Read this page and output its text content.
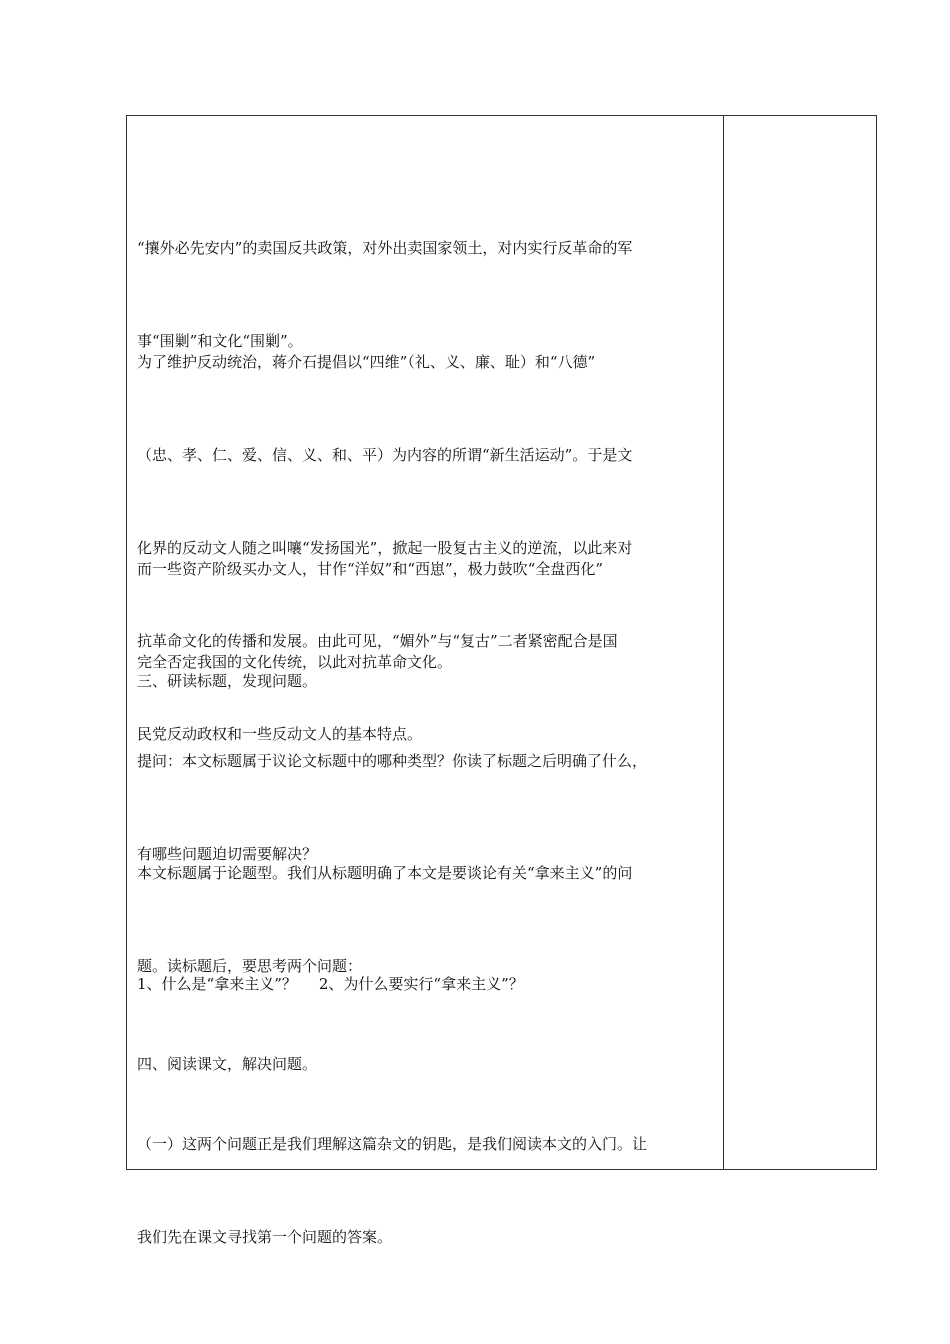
“攘外必先安内”的卖国反共政策，对外出卖国家领土，对内实行反革命的军

事“围剿”和文化“围剿”。

为了维护反动统治，蒋介石提倡以“四维”（礼、义、廉、耻）和“八德”

（忠、孝、仁、爱、信、义、和、平）为内容的所谓“新生活运动”。于是文

化界的反动文人随之叫嚷“发扬国光”，掀起一股复古主义的逆流，以此来对

抗革命文化的传播和发展。由此可见，“媚外”与“复古”二者紧密配合是国

民党反动政权和一些反动文人的基本特点。

而一些资产阶级买办文人，甘作“洋奴”和“西崽”，极力鼓吹“全盘西化”

完全否定我国的文化传统，以此对抗革命文化。

三、研读标题，发现问题。

提问：本文标题属于议论文标题中的哪种类型？你读了标题之后明确了什么，

有哪些问题迫切需要解决？

本文标题属于论题型。我们从标题明确了本文是要谈论有关“拿来主义”的问

题。读标题后，要思考两个问题：

1、什么是“拿来主义”？ 2、为什么要实行“拿来主义”？

四、阅读课文，解决问题。

（一）这两个问题正是我们理解这篇杂文的钥匙，是我们阅读本文的入门。让

我们先在课文寻找第一个问题的答案。
